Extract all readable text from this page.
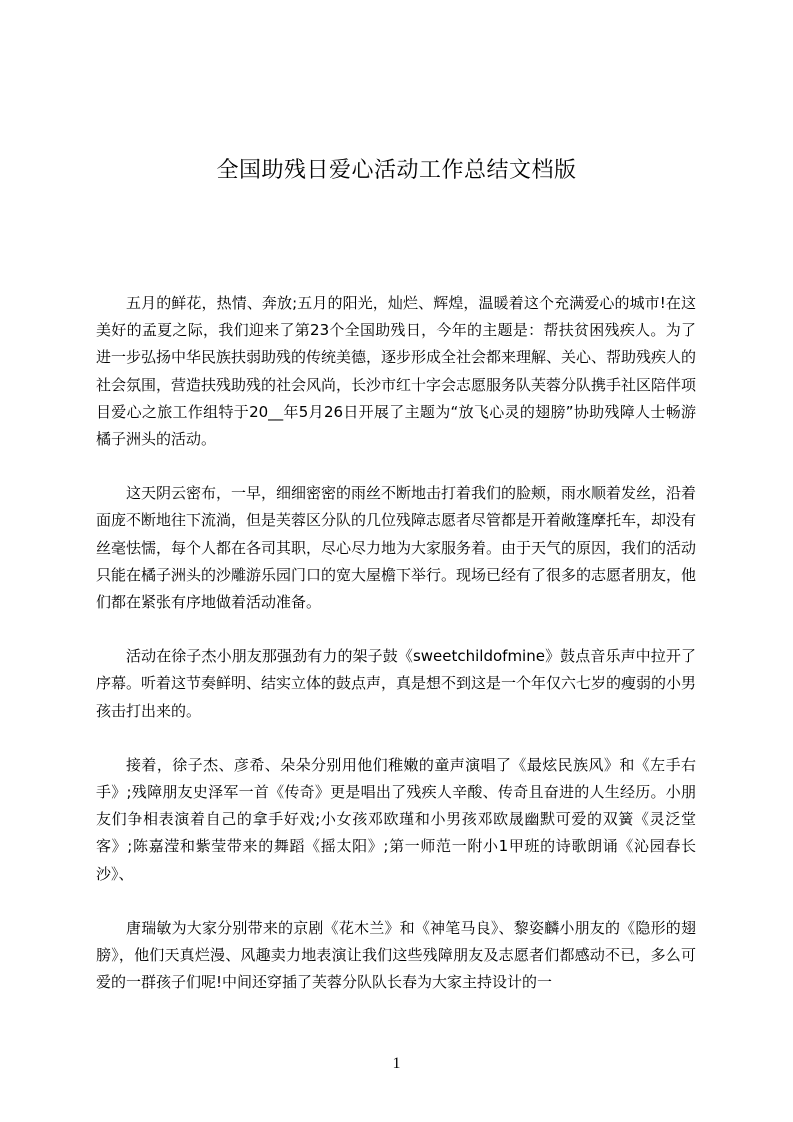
全国助残日爱心活动工作总结文档版

五月的鲜花，热情、奔放;五月的阳光，灿烂、辉煌，温暖着这个充满爱心的城市!在这美好的孟夏之际，我们迎来了第23个全国助残日，今年的主题是：帮扶贫困残疾人。为了进一步弘扬中华民族扶弱助残的传统美德，逐步形成全社会都来理解、关心、帮助残疾人的社会氛围，营造扶残助残的社会风尚，长沙市红十字会志愿服务队芙蓉分队携手社区陪伴项目爱心之旅工作组特于20__年5月26日开展了主题为“放飞心灵的翅膀”协助残障人士畅游橘子洲头的活动。

这天阴云密布，一早，细细密密的雨丝不断地击打着我们的脸颊，雨水顺着发丝，沿着面庞不断地往下流淌，但是芙蓉区分队的几位残障志愿者尽管都是开着敞篷摩托车，却没有丝毫怯懦，每个人都在各司其职，尽心尽力地为大家服务着。由于天气的原因，我们的活动只能在橘子洲头的沙雕游乐园门口的宽大屋檐下举行。现场已经有了很多的志愿者朋友，他们都在紧张有序地做着活动准备。

活动在徐子杰小朋友那强劲有力的架子鼓《sweetchildofmine》鼓点音乐声中拉开了序幕。听着这节奏鲜明、结实立体的鼓点声，真是想不到这是一个年仅六七岁的瘦弱的小男孩击打出来的。

接着，徐子杰、彦希、朵朵分别用他们稚嫩的童声演唱了《最炫民族风》和《左手右手》;残障朋友史泽军一首《传奇》更是唱出了残疾人辛酸、传奇且奋进的人生经历。小朋友们争相表演着自己的拿手好戏;小女孩邓欧瑾和小男孩邓欧晟幽默可爱的双簧《灵泛堂客》;陈嘉滢和紫莹带来的舞蹈《摇太阳》;第一师范一附小1甲班的诗歌朗诵《沁园春长沙》、

唐瑞敏为大家分别带来的京剧《花木兰》和《神笔马良》、黎姿麟小朋友的《隐形的翅膀》，他们天真烂漫、风趣卖力地表演让我们这些残障朋友及志愿者们都感动不已，多么可爱的一群孩子们呢!中间还穿插了芙蓉分队队长春为大家主持设计的一

1
